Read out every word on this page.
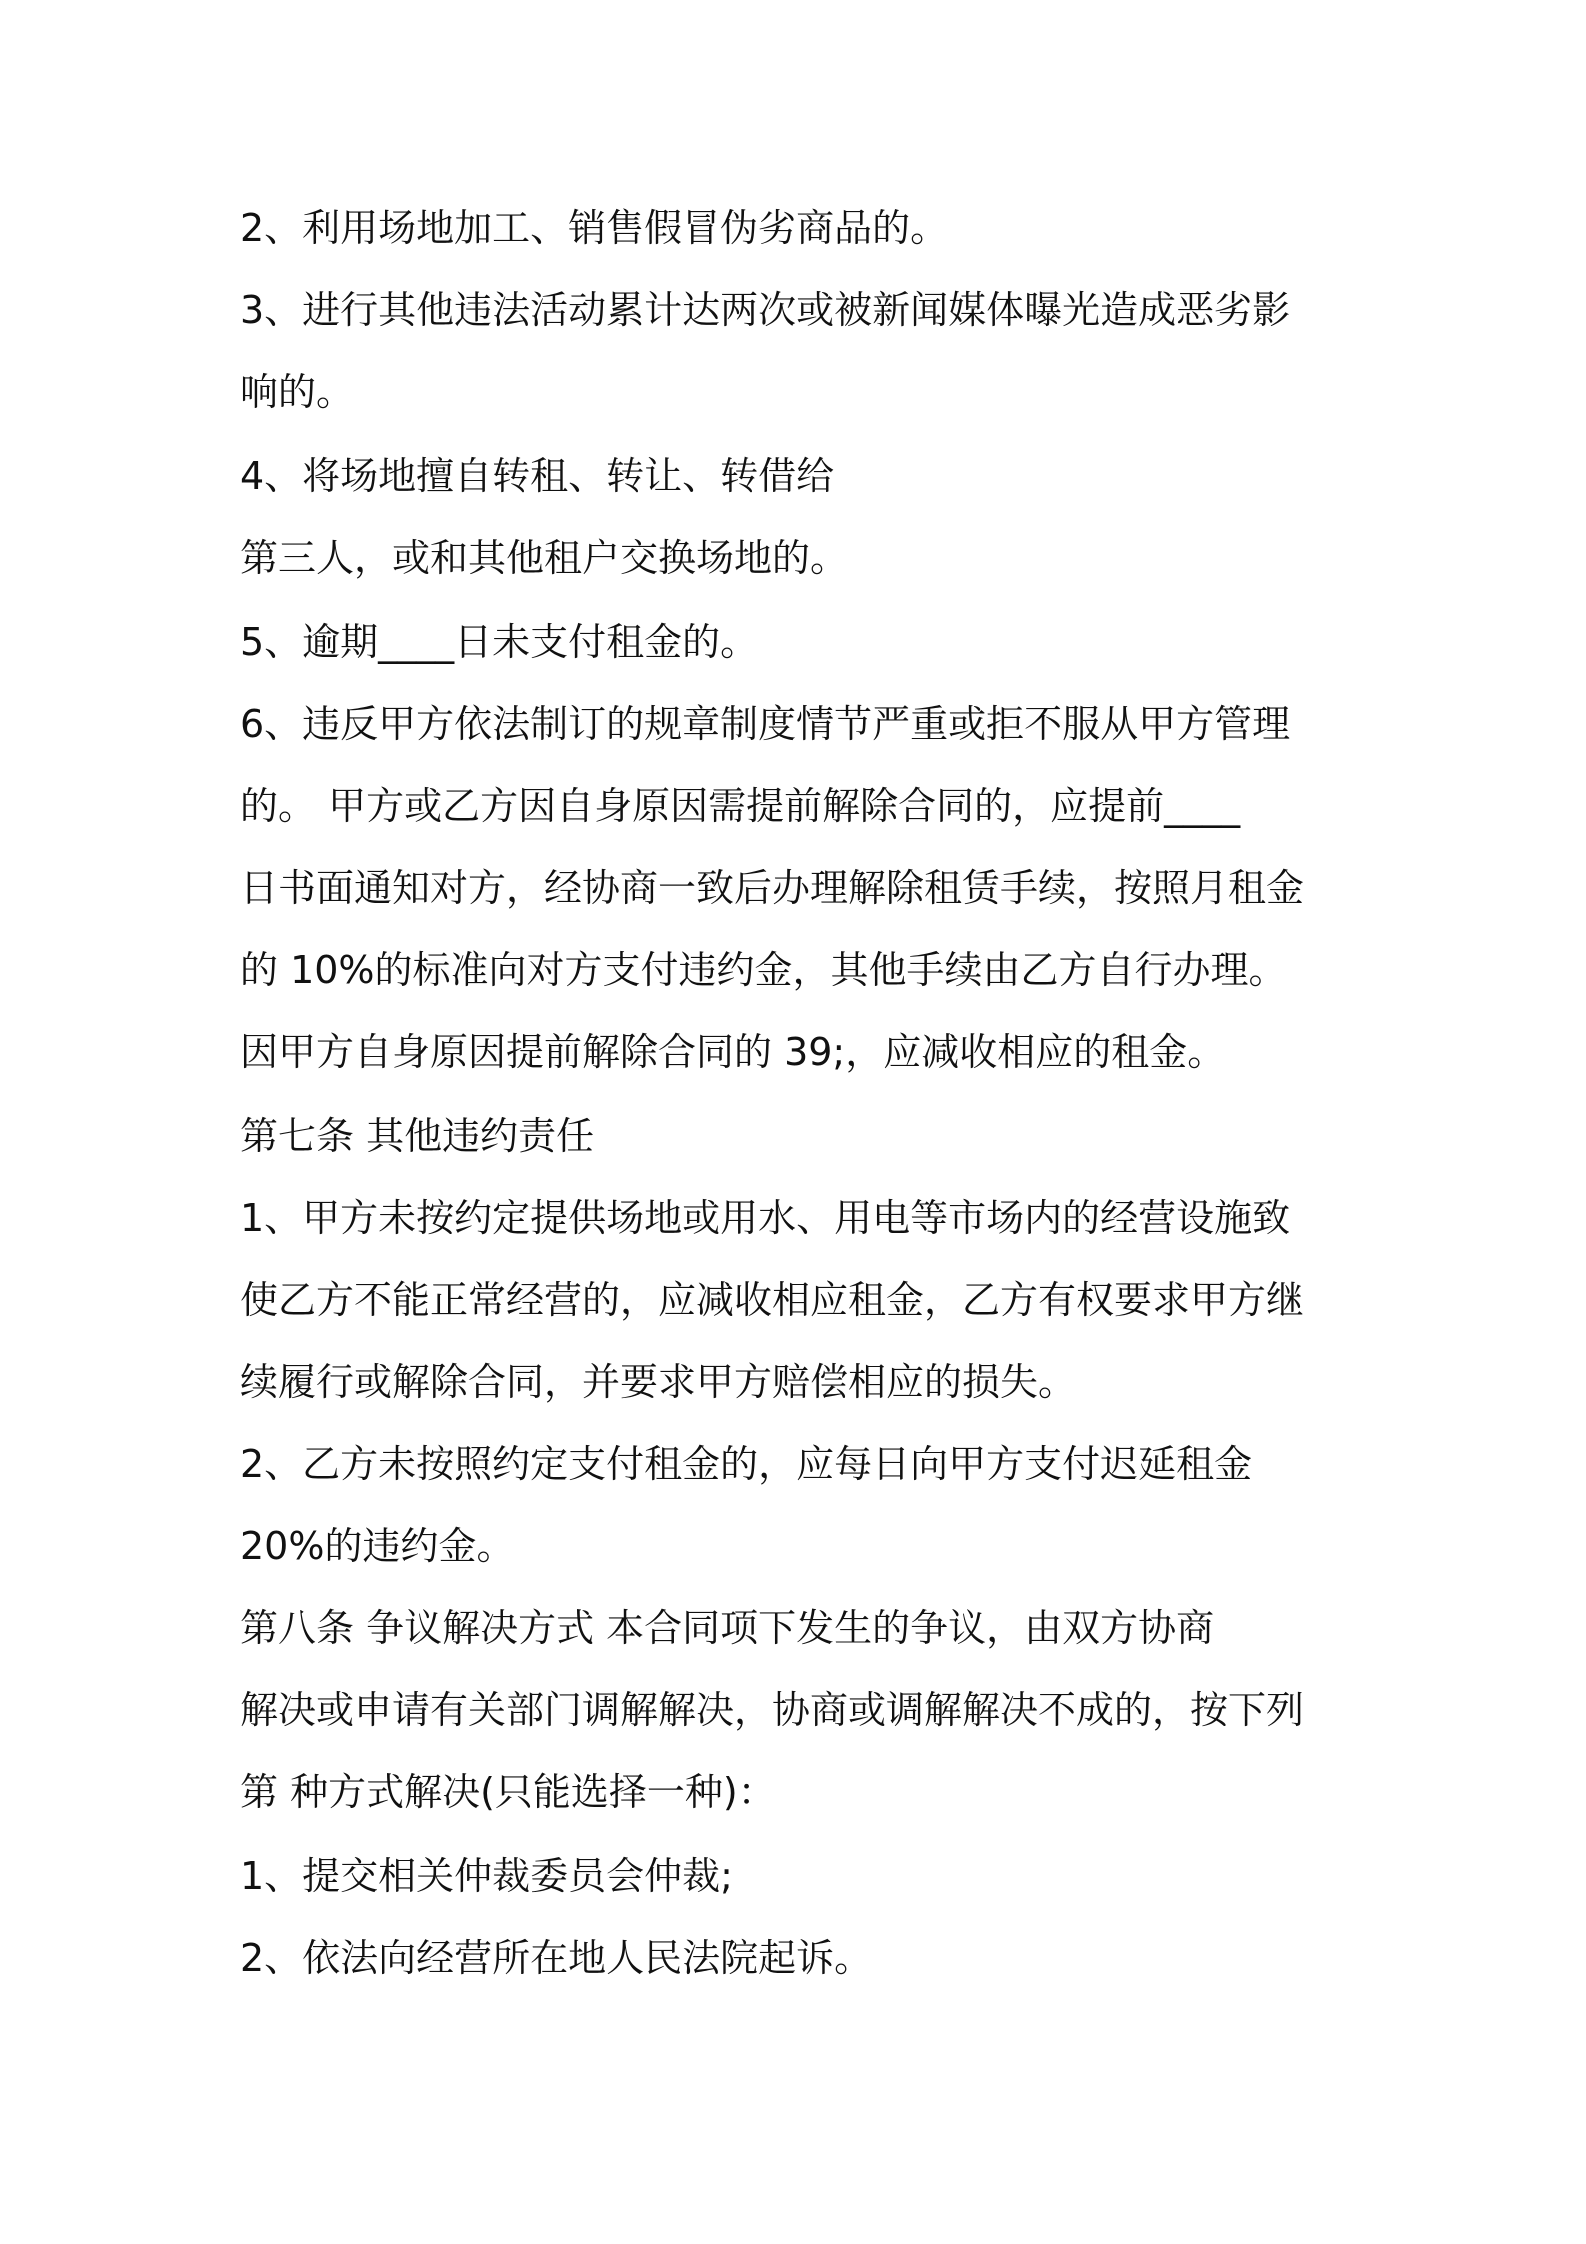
2、利用场地加工、销售假冒伪劣商品的。
3、进行其他违法活动累计达两次或被新闻媒体曝光造成恶劣影
响的。
4、将场地擅自转租、转让、转借给
第三人，或和其他租户交换场地的。
5、逾期____日未支付租金的。
6、违反甲方依法制订的规章制度情节严重或拒不服从甲方管理
的。 甲方或乙方因自身原因需提前解除合同的，应提前____
日书面通知对方，经协商一致后办理解除租赁手续，按照月租金
的 10%的标准向对方支付违约金，其他手续由乙方自行办理。
因甲方自身原因提前解除合同的 39;，应减收相应的租金。
第七条 其他违约责任
1、甲方未按约定提供场地或用水、用电等市场内的经营设施致
使乙方不能正常经营的，应减收相应租金，乙方有权要求甲方继
续履行或解除合同，并要求甲方赔偿相应的损失。
2、乙方未按照约定支付租金的，应每日向甲方支付迟延租金
20%的违约金。
第八条 争议解决方式 本合同项下发生的争议，由双方协商
解决或申请有关部门调解解决，协商或调解解决不成的，按下列
第 种方式解决(只能选择一种)：
1、提交相关仲裁委员会仲裁;
2、依法向经营所在地人民法院起诉。
